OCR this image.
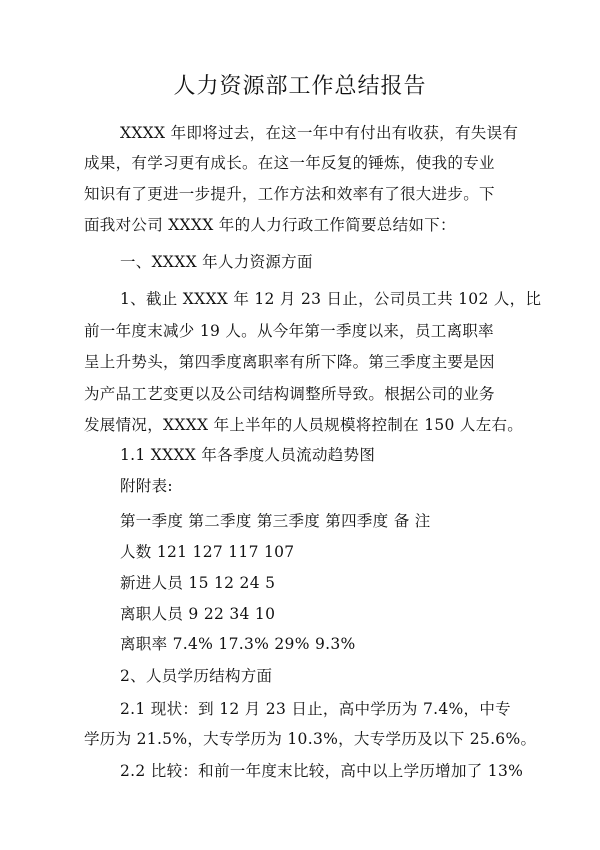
人力资源部工作总结报告
XXXX 年即将过去，在这一年中有付出有收获，有失误有
成果，有学习更有成长。在这一年反复的锤炼，使我的专业
知识有了更进一步提升，工作方法和效率有了很大进步。下
面我对公司 XXXX 年的人力行政工作简要总结如下：
一、XXXX 年人力资源方面
1、截止 XXXX 年 12 月 23 日止，公司员工共 102 人，比
前一年度末减少 19 人。从今年第一季度以来，员工离职率
呈上升势头，第四季度离职率有所下降。第三季度主要是因
为产品工艺变更以及公司结构调整所导致。根据公司的业务
发展情况，XXXX 年上半年的人员规模将控制在 150 人左右。
1.1 XXXX 年各季度人员流动趋势图
附附表:
第一季度 第二季度 第三季度 第四季度 备 注
人数 121 127 117 107
新进人员 15 12 24 5
离职人员 9 22 34 10
离职率 7.4% 17.3% 29% 9.3%
2、人员学历结构方面
2.1 现状：到 12 月 23 日止，高中学历为 7.4%，中专
学历为 21.5%，大专学历为 10.3%，大专学历及以下 25.6%。
2.2 比较：和前一年度末比较，高中以上学历增加了 13%
